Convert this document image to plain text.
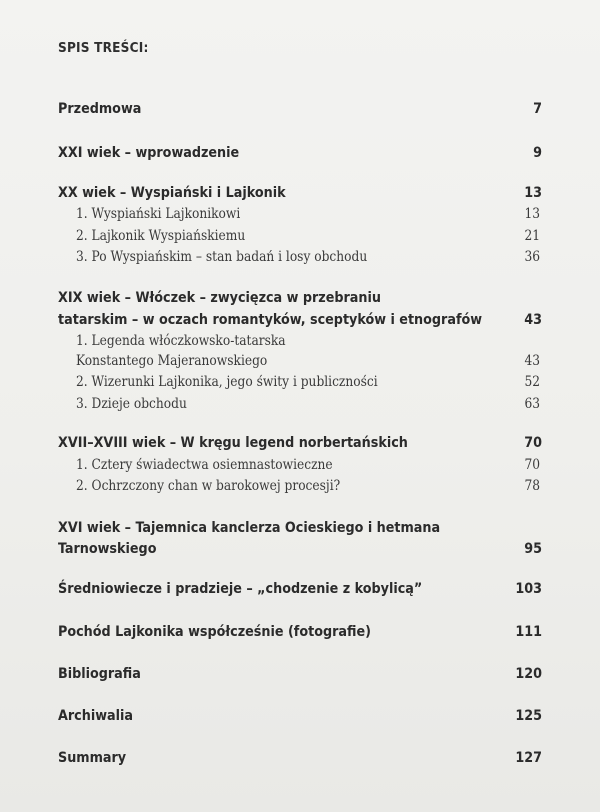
SPIS TREŚCI:
Przedmowa	7
XXI wiek – wprowadzenie	9
XX wiek – Wyspiański i Lajkonik	13
1. Wyspiański Lajkonikowi	13
2. Lajkonik Wyspiańskiemu	21
3. Po Wyspiańskim – stan badań i losy obchodu	36
XIX wiek – Włóczek – zwycięzca w przebraniu
tatarskim – w oczach romantyków, sceptyków i etnografów	43
1. Legenda włóczkowsko-tatarska
Konstantego Majeranowskiego	43
2. Wizerunki Lajkonika, jego świty i publiczności	52
3. Dzieje obchodu	63
XVII–XVIII wiek – W kręgu legend norbertańskich	70
1. Cztery świadectwa osiemnastowieczne	70
2. Ochrzczony chan w barokowej procesji?	78
XVI wiek – Tajemnica kanclerza Ocieskiego i hetmana
Tarnowskiego	95
Średniowiecze i pradzieje – „chodzenie z kobylicą”	103
Pochód Lajkonika współcześnie (fotografie)	111
Bibliografia	120
Archiwalia	125
Summary	127
